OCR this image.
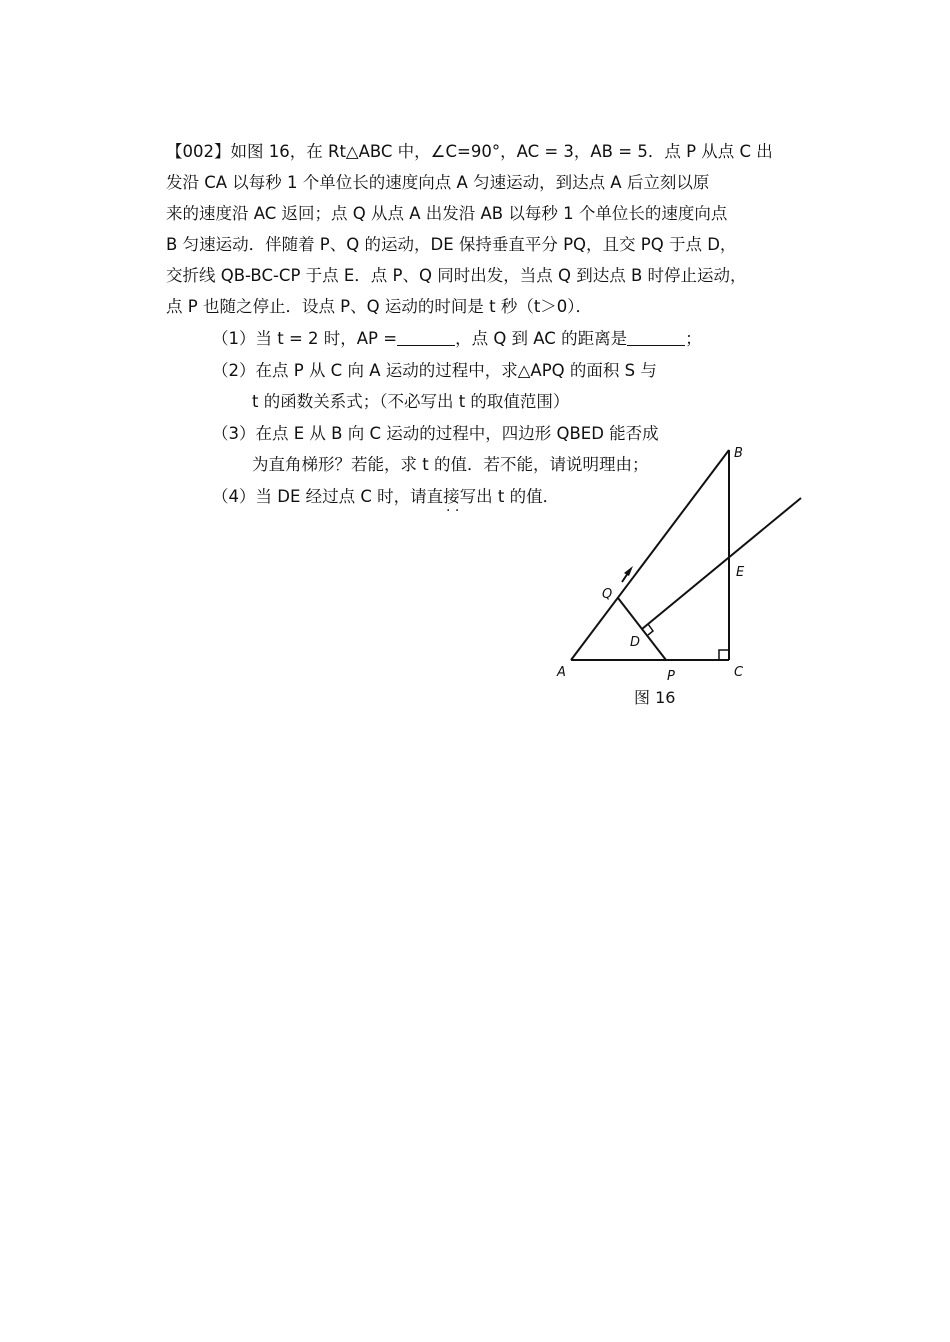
【002】如图 16，在 Rt△ABC 中，∠C=90°，AC = 3，AB = 5．点 P 从点 C 出
发沿 CA 以每秒 1 个单位长的速度向点 A 匀速运动，到达点 A 后立刻以原
来的速度沿 AC 返回；点 Q 从点 A 出发沿 AB 以每秒 1 个单位长的速度向点
B 匀速运动．伴随着 P、Q 的运动，DE 保持垂直平分 PQ，且交 PQ 于点 D，
交折线 QB-BC-CP 于点 E．点 P、Q 同时出发，当点 Q 到达点 B 时停止运动，
点 P 也随之停止．设点 P、Q 运动的时间是 t 秒（t＞0）．
（1）当 t = 2 时，AP =	，点 Q 到 AC 的距离是	；
（2）在点 P 从 C 向 A 运动的过程中，求△APQ 的面积 S 与
t 的函数关系式；（不必写出 t 的取值范围）
（3）在点 E 从 B 向 C 运动的过程中，四边形 QBED 能否成
为直角梯形？若能，求 t 的值．若不能，请说明理由；
（4）当 DE 经过点 C 时，请直接写出 t 的值．
· ·
A
B
C
P
Q
D
E
图 16
